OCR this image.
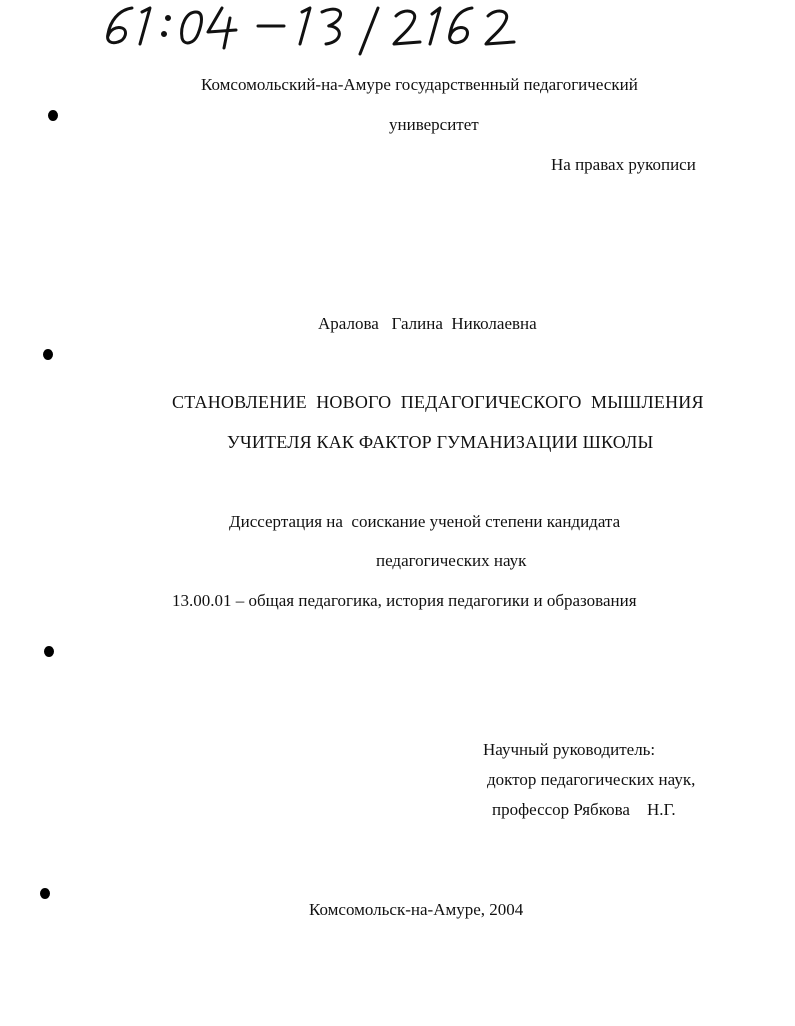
Комсомольский-на-Амуре государственный педагогический
университет
На правах рукописи
Аралова   Галина  Николаевна
СТАНОВЛЕНИЕ  НОВОГО  ПЕДАГОГИЧЕСКОГО  МЫШЛЕНИЯ
УЧИТЕЛЯ КАК ФАКТОР ГУМАНИЗАЦИИ ШКОЛЫ
Диссертация на  соискание ученой степени кандидата
педагогических наук
13.00.01 – общая педагогика, история педагогики и образования
Научный руководитель:
доктор педагогических наук,
профессор Рябкова    Н.Г.
Комсомольск-на-Амуре, 2004
